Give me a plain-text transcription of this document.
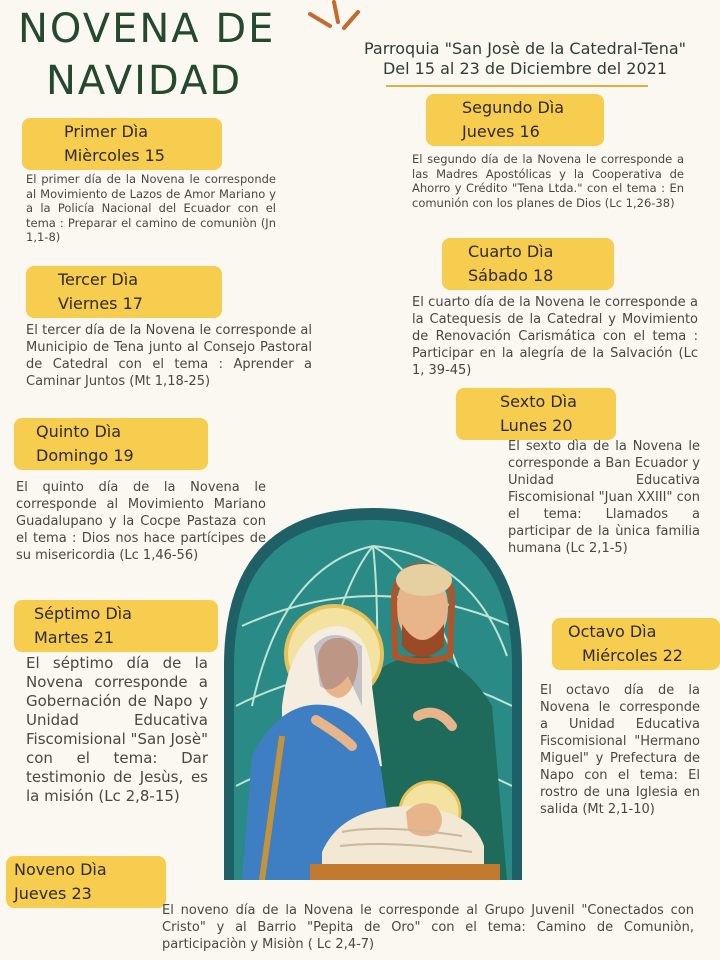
NOVENA DE
NAVIDAD
Parroquia "San Josè de la Catedral-Tena"
Del 15 al 23 de Diciembre del 2021
Primer Dìa
Mièrcoles 15
El primer día de la Novena le corresponde al Movimiento de Lazos de Amor Mariano y a la Policía Nacional del Ecuador con el tema : Preparar el camino de comuniòn (Jn 1,1-8)
Segundo Dìa
Jueves 16
El segundo día de la Novena le corresponde a las Madres Apostólicas y la Cooperativa de Ahorro y Crédito "Tena Ltda." con el tema : En comunión con los planes de Dios (Lc 1,26-38)
Tercer Dìa
Viernes 17
El tercer día de la Novena le corresponde al Municipio de Tena junto al Consejo Pastoral de Catedral con el tema : Aprender a Caminar Juntos (Mt 1,18-25)
Cuarto Dìa
Sábado 18
El cuarto día de la Novena le corresponde a la Catequesis de la Catedral y Movimiento de Renovación Carismática con el tema : Participar en la alegría de la Salvación (Lc 1, 39-45)
Quinto Dìa
Domingo 19
El quinto día de la Novena le corresponde al Movimiento Mariano Guadalupano y la Cocpe Pastaza con el tema : Dios nos hace partícipes de su misericordia (Lc 1,46-56)
Sexto Dìa
Lunes 20
El sexto dìa de la Novena le corresponde a Ban Ecuador y Unidad Educativa Fiscomisional "Juan XXIII" con el tema: Llamados a participar de la ùnica familia humana (Lc 2,1-5)
Séptimo Dìa
Martes 21
El séptimo día de la Novena corresponde a Gobernación de Napo y Unidad Educativa Fiscomisional "San Josè" con el tema: Dar testimonio de Jesùs, es la misión (Lc 2,8-15)
Octavo Dìa
Miércoles 22
El octavo día de la Novena le corresponde a Unidad Educativa Fiscomisional "Hermano Miguel" y Prefectura de Napo con el tema: El rostro de una Iglesia en salida (Mt 2,1-10)
Noveno Dìa
Jueves 23
El noveno día de la Novena le corresponde al Grupo Juvenil "Conectados con Cristo" y al Barrio "Pepita de Oro" con el tema: Camino de Comuniòn, participaciòn y Misiòn ( Lc 2,4-7)
